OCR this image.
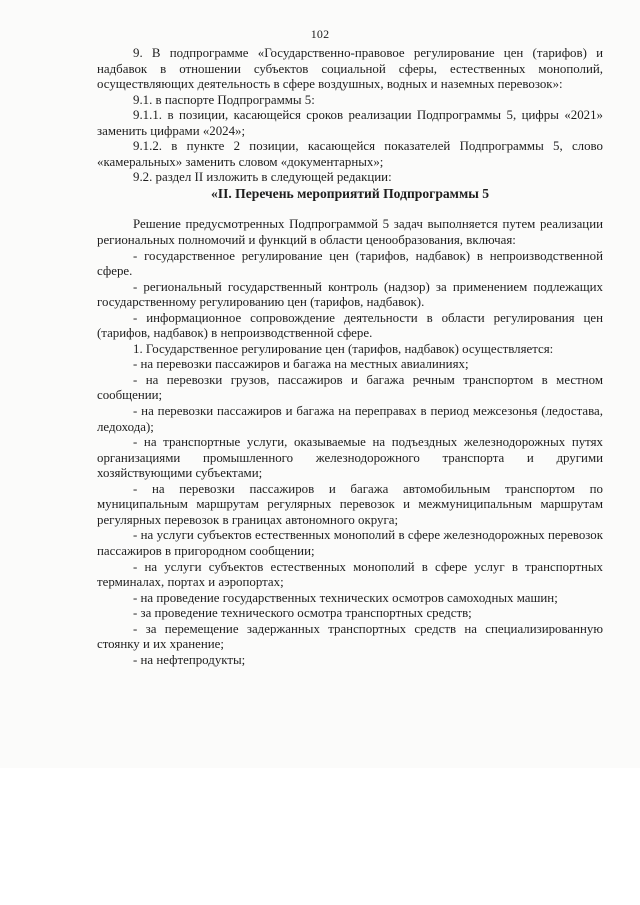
102

9. В подпрограмме «Государственно-правовое регулирование цен (тарифов) и надбавок в отношении субъектов социальной сферы, естественных монополий, осуществляющих деятельность в сфере воздушных, водных и наземных перевозок»:

9.1. в паспорте Подпрограммы 5:

9.1.1. в позиции, касающейся сроков реализации Подпрограммы 5, цифры «2021» заменить цифрами «2024»;

9.1.2. в пункте 2 позиции, касающейся показателей Подпрограммы 5, слово «камеральных» заменить словом «документарных»;

9.2. раздел II изложить в следующей редакции:

«II. Перечень мероприятий Подпрограммы 5

Решение предусмотренных Подпрограммой 5 задач выполняется путем реализации региональных полномочий и функций в области ценообразования, включая:

- государственное регулирование цен (тарифов, надбавок) в непроизводственной сфере.

- региональный государственный контроль (надзор) за применением подлежащих государственному регулированию цен (тарифов, надбавок).

- информационное сопровождение деятельности в области регулирования цен (тарифов, надбавок) в непроизводственной сфере.

1. Государственное регулирование цен (тарифов, надбавок) осуществляется:

- на перевозки пассажиров и багажа на местных авиалиниях;

- на перевозки грузов, пассажиров и багажа речным транспортом в местном сообщении;

- на перевозки пассажиров и багажа на переправах в период межсезонья (ледостава, ледохода);

- на транспортные услуги, оказываемые на подъездных железнодорожных путях организациями промышленного железнодорожного транспорта и другими хозяйствующими субъектами;

- на перевозки пассажиров и багажа автомобильным транспортом по муниципальным маршрутам регулярных перевозок и межмуниципальным маршрутам регулярных перевозок в границах автономного округа;

- на услуги субъектов естественных монополий в сфере железнодорожных перевозок пассажиров в пригородном сообщении;

- на услуги субъектов естественных монополий в сфере услуг в транспортных терминалах, портах и аэропортах;

- на проведение государственных технических осмотров самоходных машин;

- за проведение технического осмотра транспортных средств;

- за перемещение задержанных транспортных средств на специализированную стоянку и их хранение;

- на нефтепродукты;
